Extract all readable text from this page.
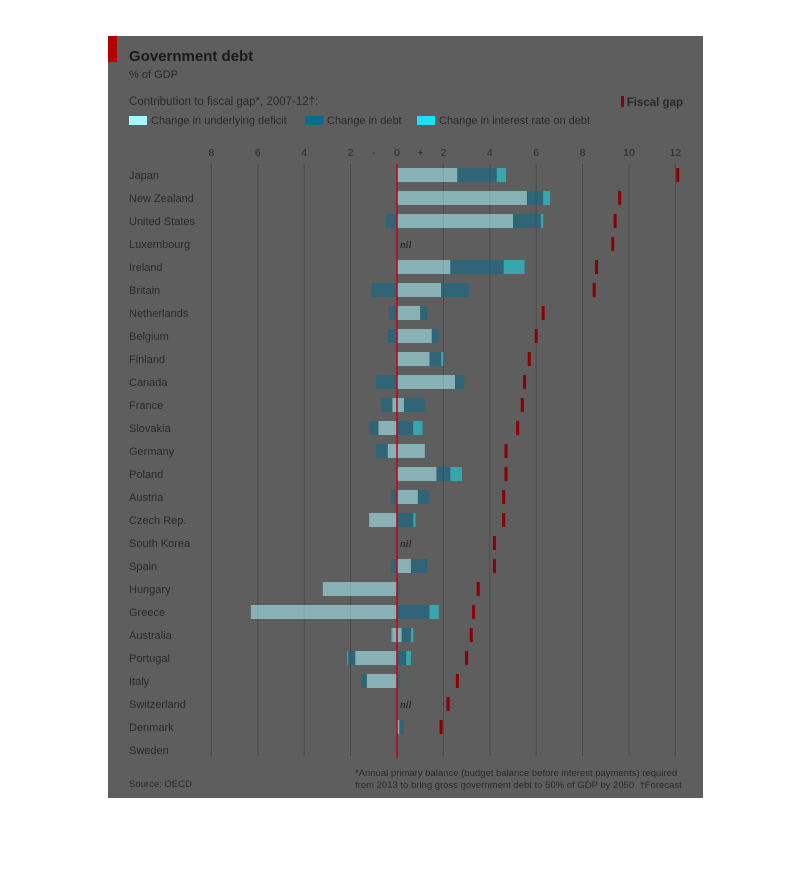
Government debt
% of GDP
Contribution to fiscal gap*, 2007-12†:	Fiscal gap
Change in underlying deficit	Change in debt	Change in interest rate on debt
8	6	4	2 - 0 + 2	4	6	8	10	12
Japan
New Zealand
United States
Luxembourg	nil
Ireland
Britain
Netherlands
Belgium
Finland
Canada
France
Slovakia
Germany
Poland
Austria
Czech Rep.
South Korea	nil
Spain
Hungary
Greece
Australia
Portugal
Italy
Switzerland	nil
Denmark
Sweden
Source: OECD
*Annual primary balance (budget balance before interest payments) required
from 2013 to bring gross government debt to 50% of GDP by 2050 †Forecast
